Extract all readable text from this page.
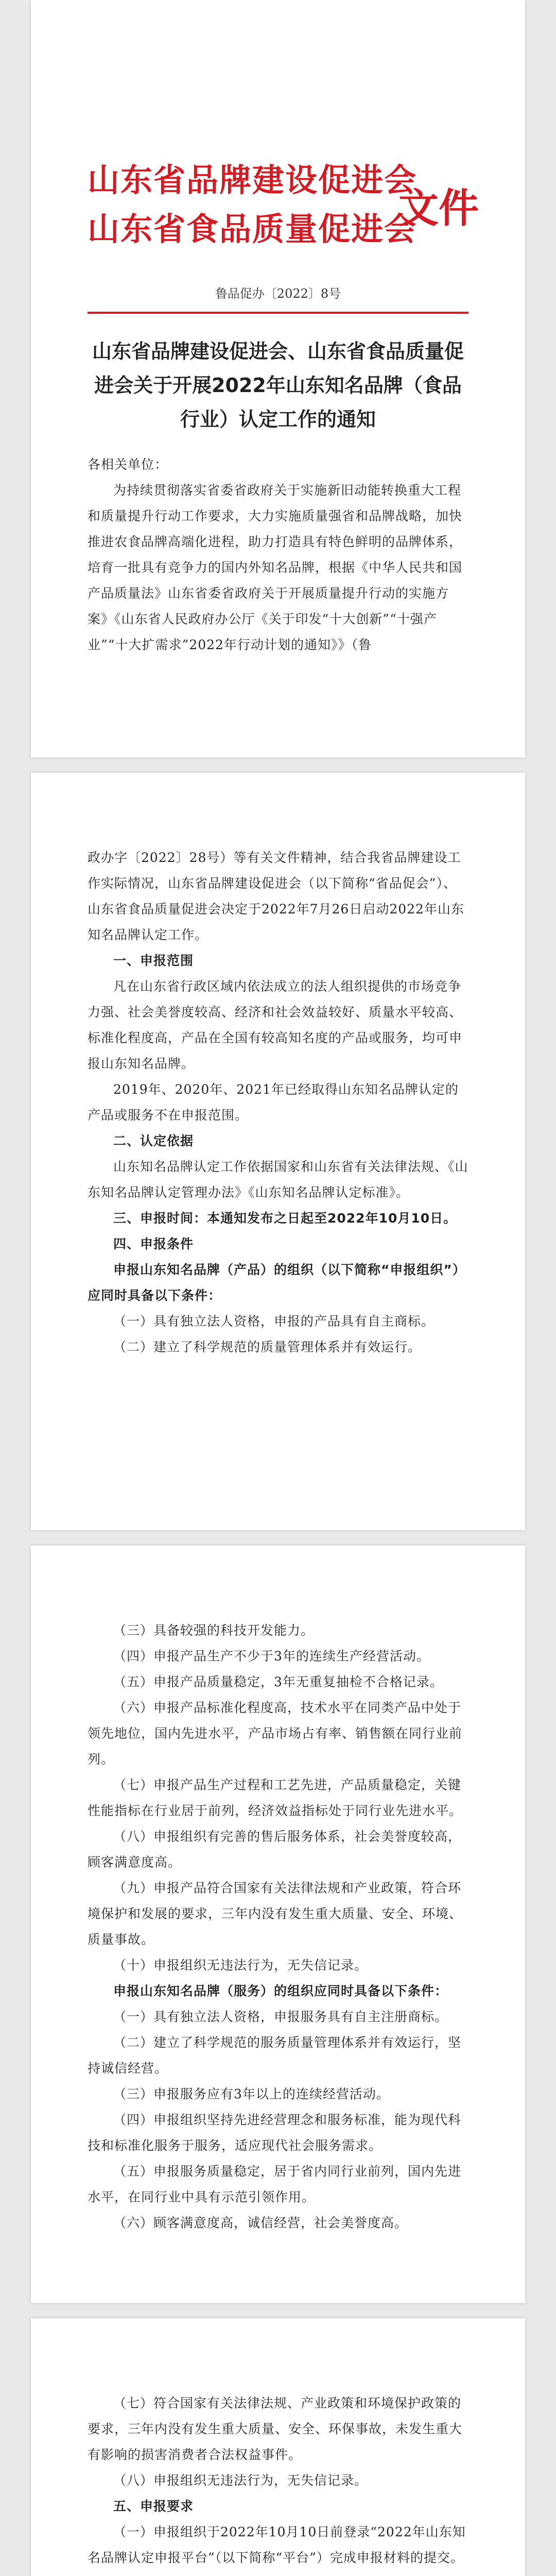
山东省品牌建设促进会
山东省食品质量促进会
文件
鲁品促办〔2022〕8号
山东省品牌建设促进会、山东省食品质量促进会关于开展2022年山东知名品牌（食品行业）认定工作的通知

各相关单位：

为持续贯彻落实省委省政府关于实施新旧动能转换重大工程和质量提升行动工作要求，大力实施质量强省和品牌战略，加快推进农食品牌高端化进程，助力打造具有特色鲜明的品牌体系，培育一批具有竞争力的国内外知名品牌，根据《中华人民共和国产品质量法》山东省委省政府关于开展质量提升行动的实施方案》《山东省人民政府办公厅《关于印发“十大创新”“十强产业”“十大扩需求”2022年行动计划的通知》》（鲁

政办字〔2022〕28号）等有关文件精神，结合我省品牌建设工作实际情况，山东省品牌建设促进会（以下简称“省品促会”）、山东省食品质量促进会决定于2022年7月26日启动2022年山东知名品牌认定工作。

一、申报范围

凡在山东省行政区域内依法成立的法人组织提供的市场竞争力强、社会美誉度较高、经济和社会效益较好、质量水平较高、标准化程度高，产品在全国有较高知名度的产品或服务，均可申报山东知名品牌。

2019年、2020年、2021年已经取得山东知名品牌认定的产品或服务不在申报范围。

二、认定依据

山东知名品牌认定工作依据国家和山东省有关法律法规、《山东知名品牌认定管理办法》《山东知名品牌认定标准》。

三、申报时间：本通知发布之日起至2022年10月10日。

四、申报条件

申报山东知名品牌（产品）的组织（以下简称“申报组织”）应同时具备以下条件：

（一）具有独立法人资格，申报的产品具有自主商标。

（二）建立了科学规范的质量管理体系并有效运行。

（三）具备较强的科技开发能力。

（四）申报产品生产不少于3年的连续生产经营活动。

（五）申报产品质量稳定，3年无重复抽检不合格记录。

（六）申报产品标准化程度高，技术水平在同类产品中处于领先地位，国内先进水平，产品市场占有率、销售额在同行业前列。

（七）申报产品生产过程和工艺先进，产品质量稳定，关键性能指标在行业居于前列，经济效益指标处于同行业先进水平。

（八）申报组织有完善的售后服务体系，社会美誉度较高，顾客满意度高。

（九）申报产品符合国家有关法律法规和产业政策，符合环境保护和发展的要求，三年内没有发生重大质量、安全、环境、质量事故。

（十）申报组织无违法行为，无失信记录。

申报山东知名品牌（服务）的组织应同时具备以下条件：

（一）具有独立法人资格，申报服务具有自主注册商标。

（二）建立了科学规范的服务质量管理体系并有效运行，坚持诚信经营。

（三）申报服务应有3年以上的连续经营活动。

（四）申报组织坚持先进经营理念和服务标准，能为现代科技和标准化服务于服务，适应现代社会服务需求。

（五）申报服务质量稳定，居于省内同行业前列，国内先进水平，在同行业中具有示范引领作用。

（六）顾客满意度高，诚信经营，社会美誉度高。

（七）符合国家有关法律法规、产业政策和环境保护政策的要求，三年内没有发生重大质量、安全、环保事故，未发生重大有影响的损害消费者合法权益事件。

（八）申报组织无违法行为，无失信记录。

五、申报要求

（一）申报组织于2022年10月10日前登录“2022年山东知名品牌认定申报平台”（以下简称“平台”）完成申报材料的提交。
